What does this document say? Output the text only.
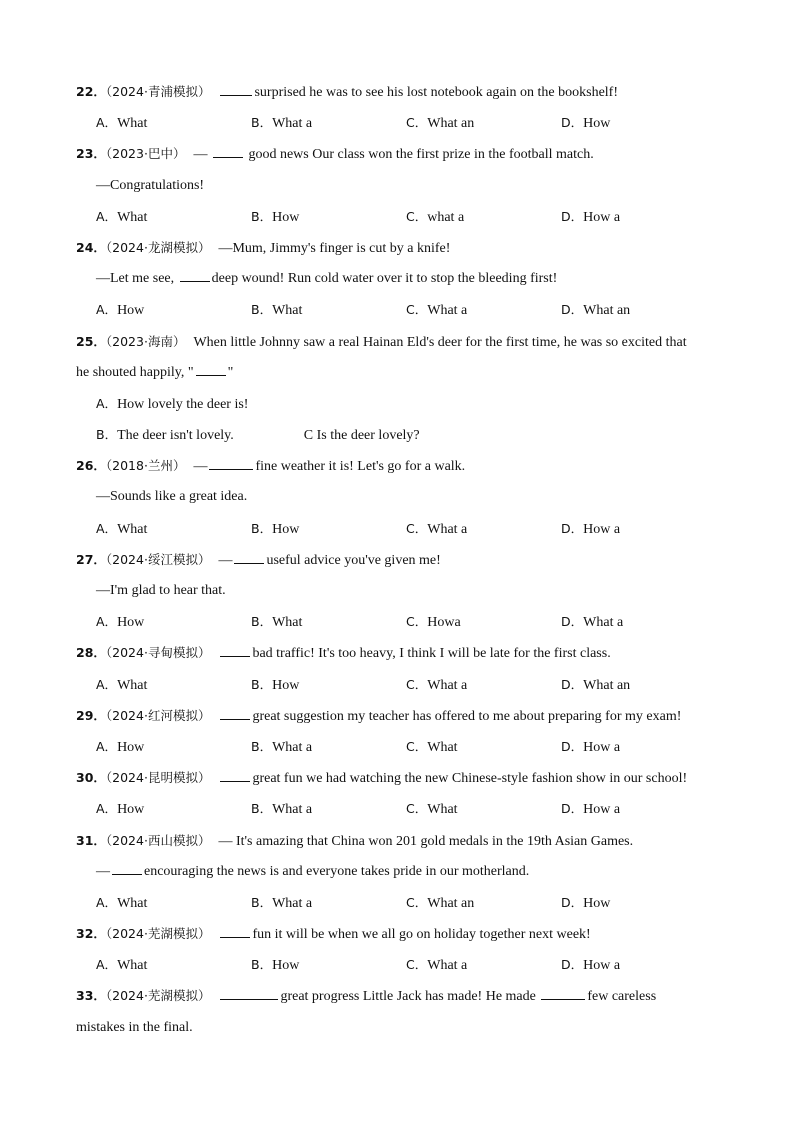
22．（2024·青浦模拟）	surprised he was to see his lost notebook again on the bookshelf!
A．What	B．What a	C．What an	D．How
23．（2023·巴中） —  good news Our class won the first prize in the football match.
—Congratulations!
A．What	B．How	C．what a	D．How a
24．（2024·龙湖模拟） —Mum, Jimmy's finger is cut by a knife!
—Let me see, deep wound! Run cold water over it to stop the bleeding first!
A．How	B．What	C．What a	D．What an
25．（2023·海南） When little Johnny saw a real Hainan Eld's deer for the first time, he was so excited that
he shouted happily, " "
A．How lovely the deer is!
B．The deer isn't lovely.	C Is the deer lovely?
26．（2018·兰州） —	fine weather it is! Let's go for a walk.
—Sounds like a great idea.
A．What	B．How	C．What a	D．How a
27．（2024·绥江模拟） — useful advice you've given me!
—I'm glad to hear that.
A．How	B．What	C．Howa	D．What a
28．（2024·寻甸模拟）	bad traffic! It's too heavy, I think I will be late for the first class.
A．What	B．How	C．What a	D．What an
29．（2024·红河模拟）	great suggestion my teacher has offered to me about preparing for my exam!
A．How	B．What a	C．What	D．How a
30．（2024·昆明模拟）	great fun we had watching the new Chinese-style fashion show in our school!
A．How	B．What a	C．What	D．How a
31．（2024·西山模拟） — It's amazing that China won 201 gold medals in the 19th Asian Games.
— encouraging the news is and everyone takes pride in our motherland.
A．What	B．What a	C．What an	D．How
32．（2024·芜湖模拟）	fun it will be when we all go on holiday together next week!
A．What	B．How	C．What a	D．How a
33．（2024·芜湖模拟）	great progress Little Jack has made! He made	few careless
mistakes in the final.
